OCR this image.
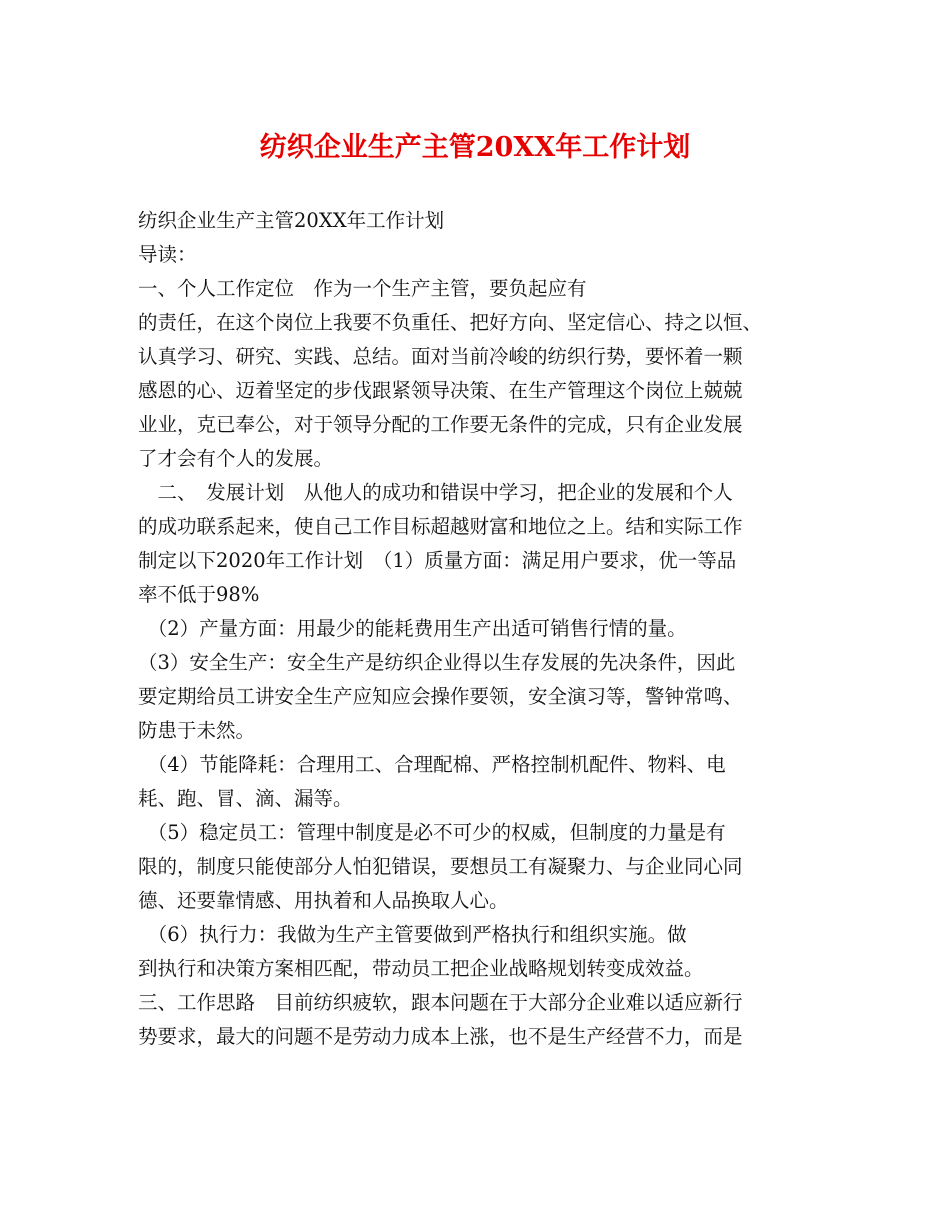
纺织企业生产主管20XX年工作计划
纺织企业生产主管20XX年工作计划
导读：
一、个人工作定位　作为一个生产主管，要负起应有
的责任，在这个岗位上我要不负重任、把好方向、坚定信心、持之以恒、
认真学习、研究、实践、总结。面对当前冷峻的纺织行势，要怀着一颗
感恩的心、迈着坚定的步伐跟紧领导决策、在生产管理这个岗位上兢兢
业业，克已奉公，对于领导分配的工作要无条件的完成，只有企业发展
了才会有个人的发展。
　二、　发展计划　从他人的成功和错误中学习，把企业的发展和个人
的成功联系起来，使自己工作目标超越财富和地位之上。结和实际工作
制定以下2020年工作计划　（1）质量方面：满足用户要求，优一等品
率不低于98%
　（2）产量方面：用最少的能耗费用生产出适可销售行情的量。
（3）安全生产：安全生产是纺织企业得以生存发展的先决条件，因此
要定期给员工讲安全生产应知应会操作要领，安全演习等，警钟常鸣、
防患于未然。
　（4）节能降耗：合理用工、合理配棉、严格控制机配件、物料、电
耗、跑、冒、滴、漏等。
　（5）稳定员工：管理中制度是必不可少的权威，但制度的力量是有
限的，制度只能使部分人怕犯错误，要想员工有凝聚力、与企业同心同
德、还要靠情感、用执着和人品换取人心。
　（6）执行力：我做为生产主管要做到严格执行和组织实施。做
到执行和决策方案相匹配，带动员工把企业战略规划转变成效益。
三、工作思路　目前纺织疲软，跟本问题在于大部分企业难以适应新行
势要求，最大的问题不是劳动力成本上涨，也不是生产经营不力，而是
